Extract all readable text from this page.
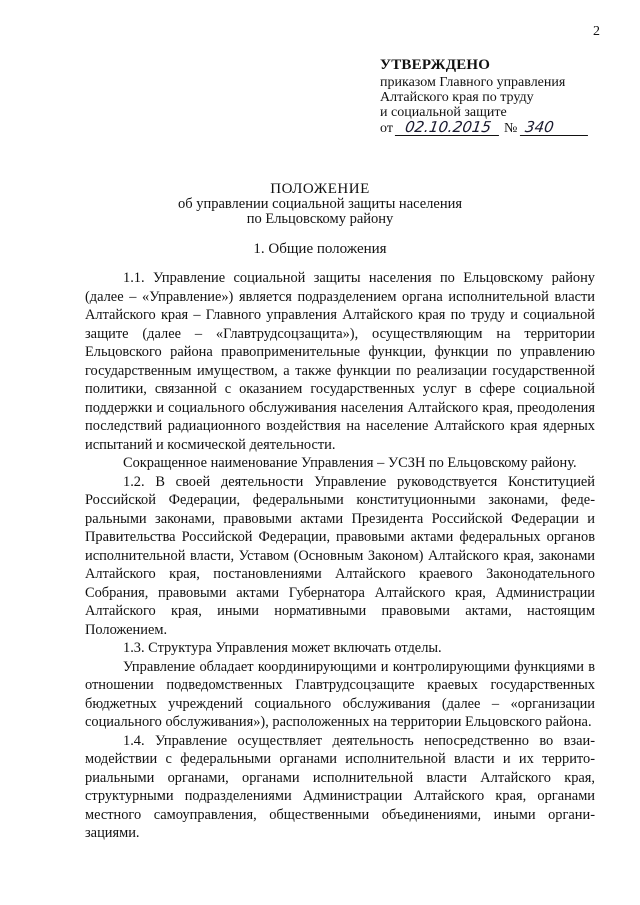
2
УТВЕРЖДЕНО
приказом Главного управления
Алтайского края по труду
и социальной защите
от 02.10.2015 № 340
ПОЛОЖЕНИЕ
об управлении социальной защиты населения
по Ельцовскому району
1. Общие положения

1.1. Управление социальной защиты населения по Ельцовскому району (далее – «Управление») является подразделением органа исполнительной власти Алтайского края – Главного управления Алтайского края по труду и социальной защите (далее – «Главтрудсоцзащита»), осуществляющим на территории Ельцовского района правоприменительные функции, функции по управлению государственным имуществом, а также функции по реализации государственной политики, связанной с оказанием государственных услуг в сфере социальной поддержки и социального обслуживания населения Алтайского края, преодоления последствий радиационного воздействия на население Алтайского края ядерных испытаний и космической деятельности.

Сокращенное наименование Управления – УСЗН по Ельцовскому району.

1.2. В своей деятельности Управление руководствуется Конституцией Российской Федерации, федеральными конституционными законами, федеральными законами, правовыми актами Президента Российской Федерации и Правительства Российской Федерации, правовыми актами федеральных органов исполнительной власти, Уставом (Основным Законом) Алтайского края, законами Алтайского края, постановлениями Алтайского краевого Законодательного Собрания, правовыми актами Губернатора Алтайского края, Администрации Алтайского края, иными нормативными правовыми актами, настоящим Положением.

1.3. Структура Управления может включать отделы.

Управление обладает координирующими и контролирующими функциями в отношении подведомственных Главтрудсоцзащите краевых государственных бюджетных учреждений социального обслуживания (далее – «организации социального обслуживания»), расположенных на территории Ельцовского района.

1.4. Управление осуществляет деятельность непосредственно во взаимодействии с федеральными органами исполнительной власти и их территориальными органами, органами исполнительной власти Алтайского края, структурными подразделениями Администрации Алтайского края, органами местного самоуправления, общественными объединениями, иными организациями.
